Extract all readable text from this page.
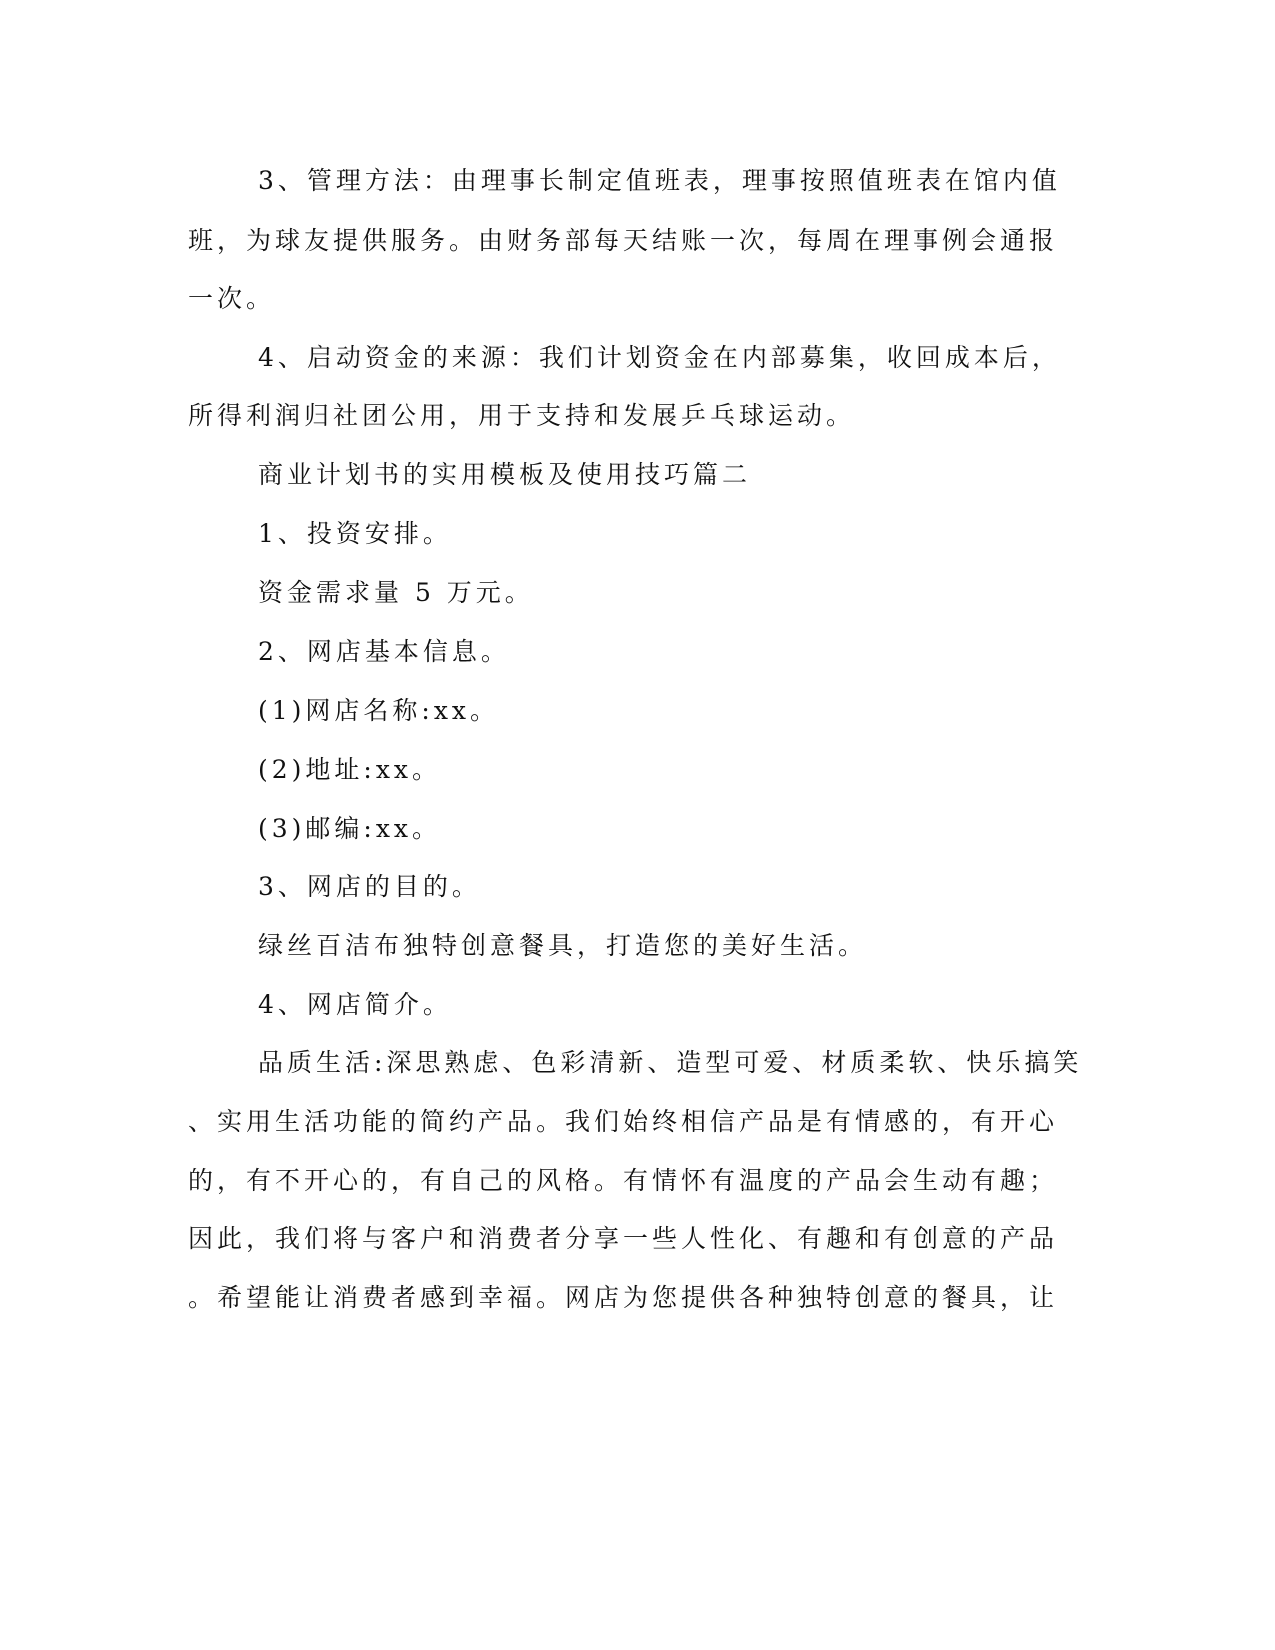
3、管理方法：由理事长制定值班表，理事按照值班表在馆内值
班，为球友提供服务。由财务部每天结账一次，每周在理事例会通报
一次。
4、启动资金的来源：我们计划资金在内部募集，收回成本后，
所得利润归社团公用，用于支持和发展乒乓球运动。
商业计划书的实用模板及使用技巧篇二
1、投资安排。
资金需求量 5 万元。
2、网店基本信息。
(1)网店名称:xx。
(2)地址:xx。
(3)邮编:xx。
3、网店的目的。
绿丝百洁布独特创意餐具，打造您的美好生活。
4、网店简介。
品质生活:深思熟虑、色彩清新、造型可爱、材质柔软、快乐搞笑
、实用生活功能的简约产品。我们始终相信产品是有情感的，有开心
的，有不开心的，有自己的风格。有情怀有温度的产品会生动有趣；
因此，我们将与客户和消费者分享一些人性化、有趣和有创意的产品
。希望能让消费者感到幸福。网店为您提供各种独特创意的餐具，让
